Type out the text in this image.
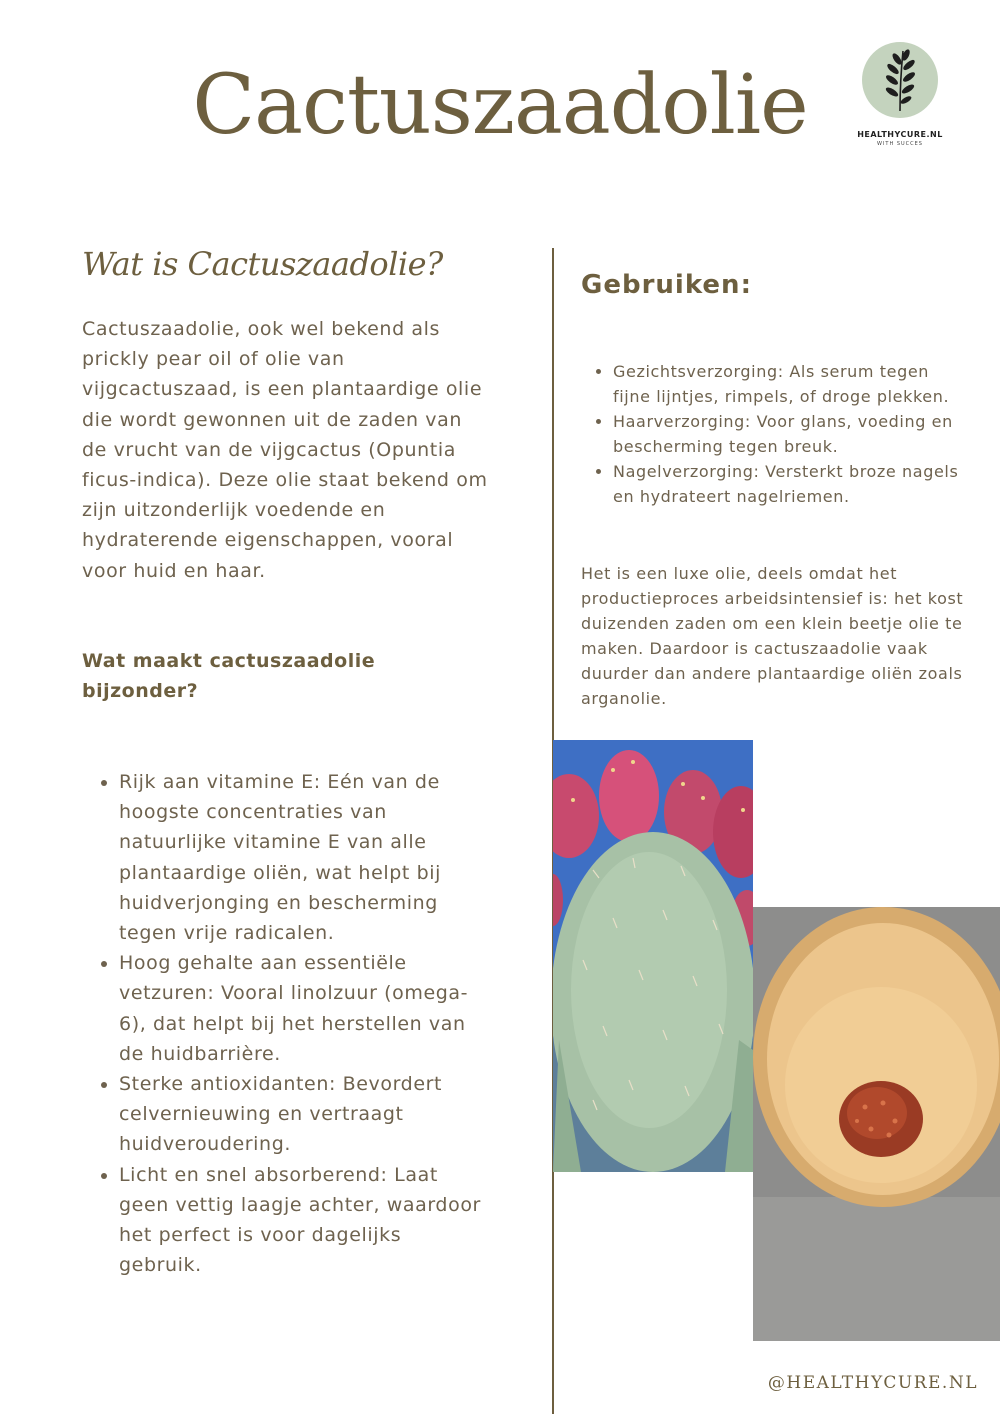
Cactuszaadolie	HEALTHYCURE.NL
WITH SUCCES
Wat is Cactuszaadolie?

Cactuszaadolie, ook wel bekend als prickly pear oil of olie van vijgcactuszaad, is een plantaardige olie die wordt gewonnen uit de zaden van de vrucht van de vijgcactus (Opuntia ficus-indica). Deze olie staat bekend om zijn uitzonderlijk voedende en hydraterende eigenschappen, vooral voor huid en haar.

Wat maakt cactuszaadolie bijzonder?
• Rijk aan vitamine E: Eén van de hoogste concentraties van natuurlijke vitamine E van alle plantaardige oliën, wat helpt bij huidverjonging en bescherming tegen vrije radicalen.
• Hoog gehalte aan essentiële vetzuren: Vooral linolzuur (omega-6), dat helpt bij het herstellen van de huidbarrière.
• Sterke antioxidanten: Bevordert celvernieuwing en vertraagt huidveroudering.
• Licht en snel absorberend: Laat geen vettig laagje achter, waardoor het perfect is voor dagelijks gebruik.
Gebruiken:
• Gezichtsverzorging: Als serum tegen fijne lijntjes, rimpels, of droge plekken.
• Haarverzorging: Voor glans, voeding en bescherming tegen breuk.
• Nagelverzorging: Versterkt broze nagels en hydrateert nagelriemen.

Het is een luxe olie, deels omdat het productieproces arbeidsintensief is: het kost duizenden zaden om een klein beetje olie te maken. Daardoor is cactuszaadolie vaak duurder dan andere plantaardige oliën zoals arganolie.

@HEALTHYCURE.NL
